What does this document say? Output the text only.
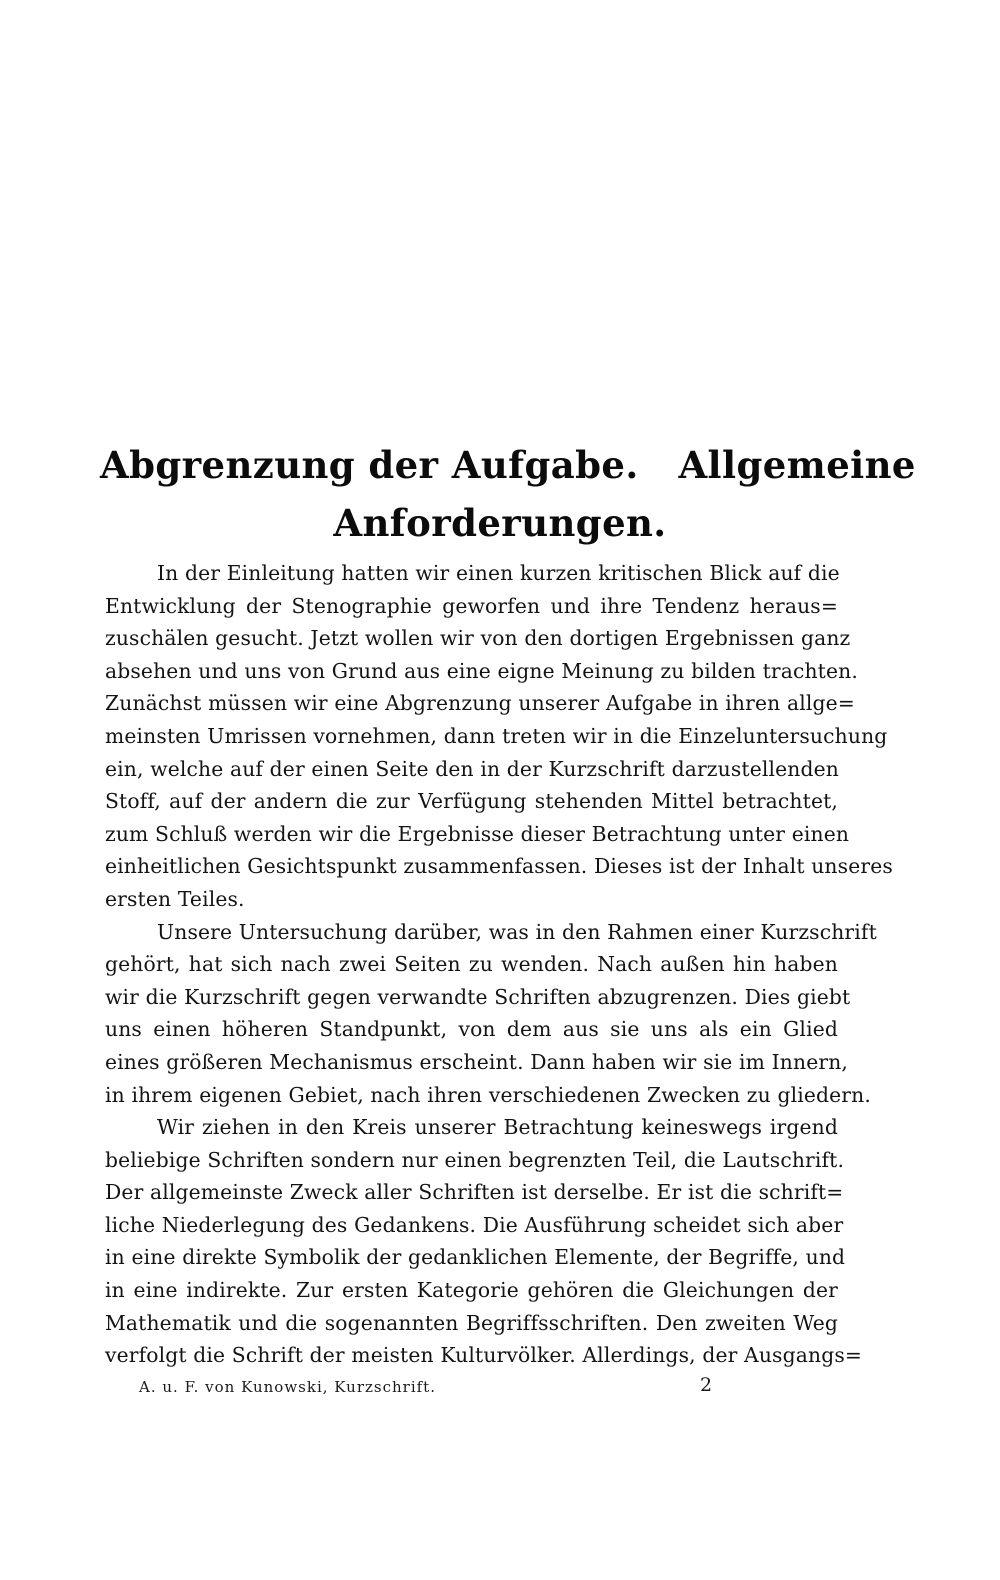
Abgrenzung der Aufgabe.   Allgemeine
Anforderungen.
In der Einleitung hatten wir einen kurzen kritischen Blick auf die
Entwicklung der Stenographie geworfen und ihre Tendenz heraus=
zuschälen gesucht. Jetzt wollen wir von den dortigen Ergebnissen ganz
absehen und uns von Grund aus eine eigne Meinung zu bilden trachten.
Zunächst müssen wir eine Abgrenzung unserer Aufgabe in ihren allge=
meinsten Umrissen vornehmen, dann treten wir in die Einzeluntersuchung
ein, welche auf der einen Seite den in der Kurzschrift darzustellenden
Stoff, auf der andern die zur Verfügung stehenden Mittel betrachtet,
zum Schluß werden wir die Ergebnisse dieser Betrachtung unter einen
einheitlichen Gesichtspunkt zusammenfassen. Dieses ist der Inhalt unseres
ersten Teiles.
Unsere Untersuchung darüber, was in den Rahmen einer Kurzschrift
gehört, hat sich nach zwei Seiten zu wenden. Nach außen hin haben
wir die Kurzschrift gegen verwandte Schriften abzugrenzen. Dies giebt
uns einen höheren Standpunkt, von dem aus sie uns als ein Glied
eines größeren Mechanismus erscheint. Dann haben wir sie im Innern,
in ihrem eigenen Gebiet, nach ihren verschiedenen Zwecken zu gliedern.
Wir ziehen in den Kreis unserer Betrachtung keineswegs irgend
beliebige Schriften sondern nur einen begrenzten Teil, die Lautschrift.
Der allgemeinste Zweck aller Schriften ist derselbe. Er ist die schrift=
liche Niederlegung des Gedankens. Die Ausführung scheidet sich aber
in eine direkte Symbolik der gedanklichen Elemente, der Begriffe, und
in eine indirekte. Zur ersten Kategorie gehören die Gleichungen der
Mathematik und die sogenannten Begriffsschriften. Den zweiten Weg
verfolgt die Schrift der meisten Kulturvölker. Allerdings, der Ausgangs=

A. u. F. von Kunowski, Kurzschrift.	2
